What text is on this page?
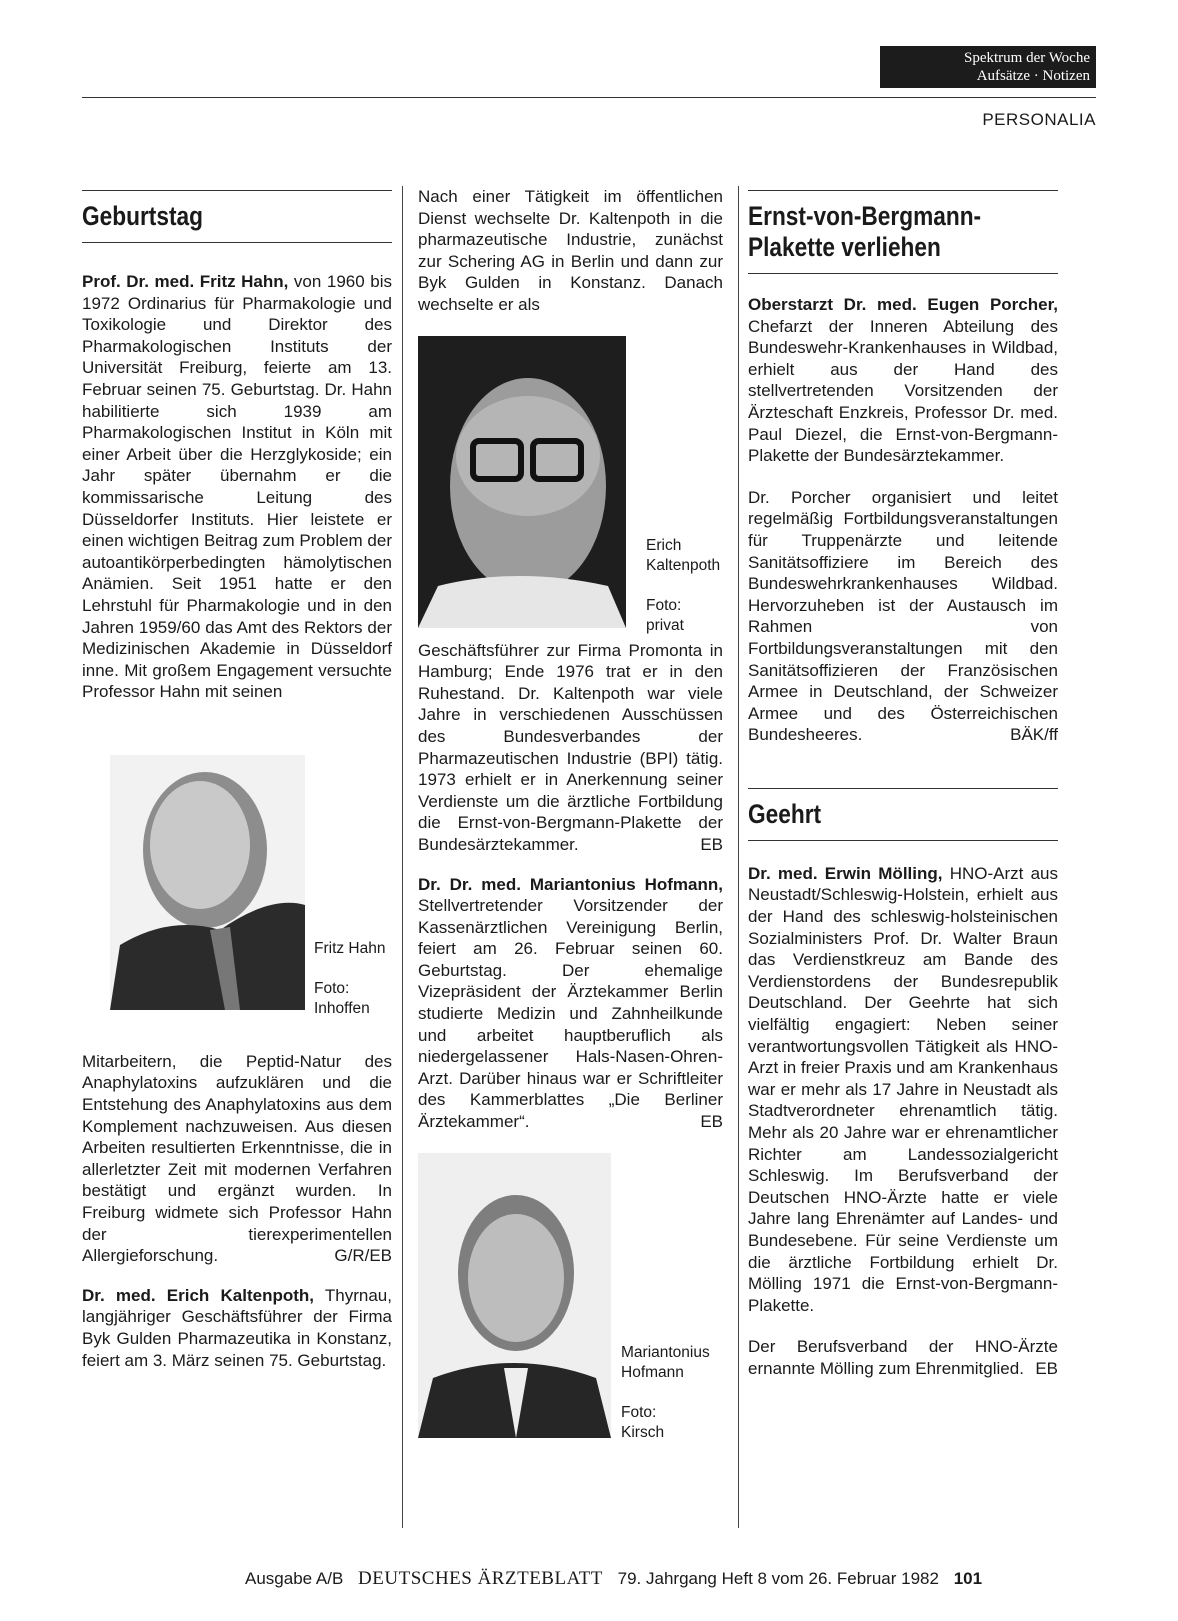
Spektrum der Woche
Aufsätze · Notizen
PERSONALIA
Geburtstag

Prof. Dr. med. Fritz Hahn, von 1960 bis 1972 Ordinarius für Pharmakologie und Toxikologie und Direktor des Pharmakologischen Instituts der Universität Freiburg, feierte am 13. Februar seinen 75. Geburtstag. Dr. Hahn habilitierte sich 1939 am Pharmakologischen Institut in Köln mit einer Arbeit über die Herzglykoside; ein Jahr später übernahm er die kommissarische Leitung des Düsseldorfer Instituts. Hier leistete er einen wichtigen Beitrag zum Problem der autoantikörperbedingten hämolytischen Anämien. Seit 1951 hatte er den Lehrstuhl für Pharmakologie und in den Jahren 1959/60 das Amt des Rektors der Medizinischen Akademie in Düsseldorf inne. Mit großem Engagement versuchte Professor Hahn mit seinen

Fritz Hahn
Foto:
Inhoffen

Mitarbeitern, die Peptid-Natur des Anaphylatoxins aufzuklären und die Entstehung des Anaphylatoxins aus dem Komplement nachzuweisen. Aus diesen Arbeiten resultierten Erkenntnisse, die in allerletzter Zeit mit modernen Verfahren bestätigt und ergänzt wurden. In Freiburg widmete sich Professor Hahn der tierexperimentellen Allergieforschung.	G/R/EB

Dr. med. Erich Kaltenpoth, Thyrnau, langjähriger Geschäftsführer der Firma Byk Gulden Pharmazeutika in Konstanz, feiert am 3. März seinen 75. Geburtstag.

Nach einer Tätigkeit im öffentlichen Dienst wechselte Dr. Kaltenpoth in die pharmazeutische Industrie, zunächst zur Schering AG in Berlin und dann zur Byk Gulden in Konstanz. Danach wechselte er als

Erich
Kaltenpoth
Foto:
privat

Geschäftsführer zur Firma Promonta in Hamburg; Ende 1976 trat er in den Ruhestand. Dr. Kaltenpoth war viele Jahre in verschiedenen Ausschüssen des Bundesverbandes der Pharmazeutischen Industrie (BPI) tätig. 1973 erhielt er in Anerkennung seiner Verdienste um die ärztliche Fortbildung die Ernst-von-Bergmann-Plakette der Bundesärztekammer.	EB

Dr. Dr. med. Mariantonius Hofmann, Stellvertretender Vorsitzender der Kassenärztlichen Vereinigung Berlin, feiert am 26. Februar seinen 60. Geburtstag. Der ehemalige Vizepräsident der Ärztekammer Berlin studierte Medizin und Zahnheilkunde und arbeitet hauptberuflich als niedergelassener Hals-Nasen-Ohren-Arzt. Darüber hinaus war er Schriftleiter des Kammerblattes „Die Berliner Ärztekammer“.	EB

Mariantonius
Hofmann
Foto:
Kirsch
Ernst-von-Bergmann-
Plakette verliehen

Oberstarzt Dr. med. Eugen Porcher, Chefarzt der Inneren Abteilung des Bundeswehr-Krankenhauses in Wildbad, erhielt aus der Hand des stellvertretenden Vorsitzenden der Ärzteschaft Enzkreis, Professor Dr. med. Paul Diezel, die Ernst-von-Bergmann-Plakette der Bundesärztekammer.

Dr. Porcher organisiert und leitet regelmäßig Fortbildungsveranstaltungen für Truppenärzte und leitende Sanitätsoffiziere im Bereich des Bundeswehrkrankenhauses Wildbad. Hervorzuheben ist der Austausch im Rahmen von Fortbildungsveranstaltungen mit den Sanitätsoffizieren der Französischen Armee in Deutschland, der Schweizer Armee und des Österreichischen Bundesheeres.	BÄK/ff

Geehrt

Dr. med. Erwin Mölling, HNO-Arzt aus Neustadt/Schleswig-Holstein, erhielt aus der Hand des schleswig-holsteinischen Sozialministers Prof. Dr. Walter Braun das Verdienstkreuz am Bande des Verdienstordens der Bundesrepublik Deutschland. Der Geehrte hat sich vielfältig engagiert: Neben seiner verantwortungsvollen Tätigkeit als HNO-Arzt in freier Praxis und am Krankenhaus war er mehr als 17 Jahre in Neustadt als Stadtverordneter ehrenamtlich tätig. Mehr als 20 Jahre war er ehrenamtlicher Richter am Landessozialgericht Schleswig. Im Berufsverband der Deutschen HNO-Ärzte hatte er viele Jahre lang Ehrenämter auf Landes- und Bundesebene. Für seine Verdienste um die ärztliche Fortbildung erhielt Dr. Mölling 1971 die Ernst-von-Bergmann-Plakette.

Der Berufsverband der HNO-Ärzte ernannte Mölling zum Ehrenmitglied. EB

Ausgabe A/B DEUTSCHES ÄRZTEBLATT 79. Jahrgang Heft 8 vom 26. Februar 1982 101
